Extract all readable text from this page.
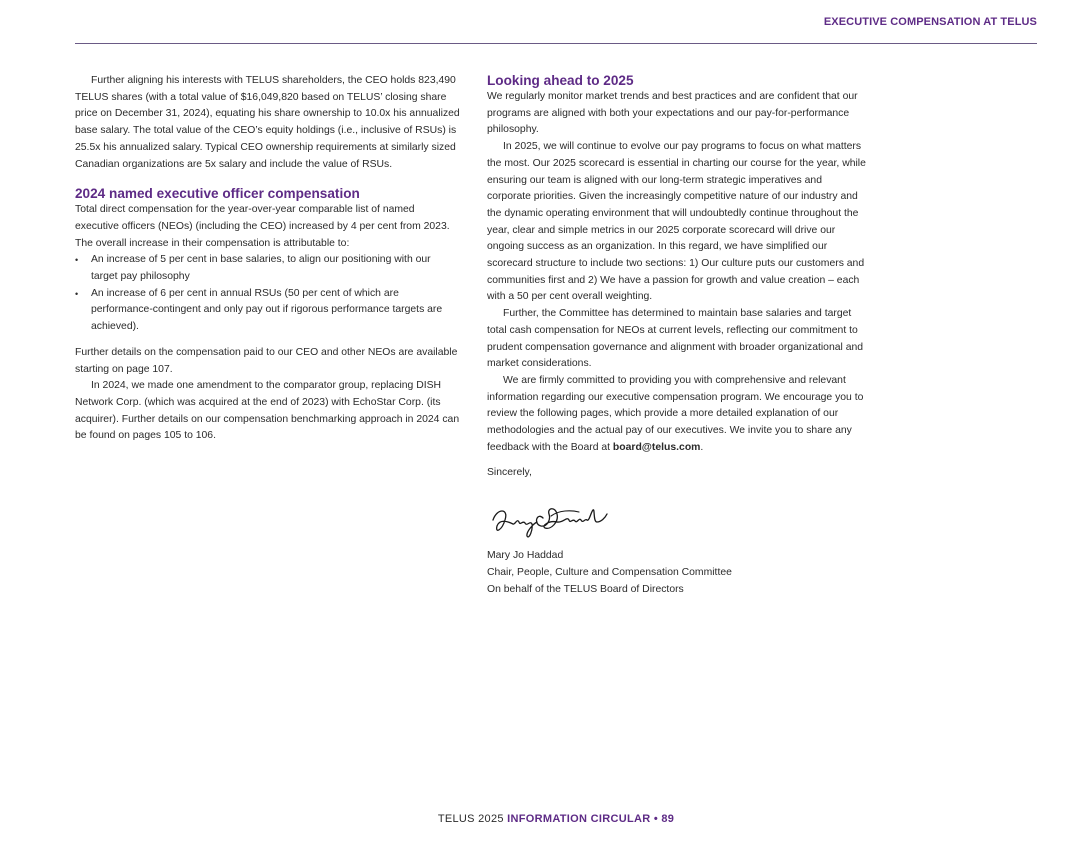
EXECUTIVE COMPENSATION AT TELUS

Further aligning his interests with TELUS shareholders, the CEO holds 823,490 TELUS shares (with a total value of $16,049,820 based on TELUS’ closing share price on December 31, 2024), equating his share ownership to 10.0x his annualized base salary. The total value of the CEO’s equity holdings (i.e., inclusive of RSUs) is 25.5x his annualized salary. Typical CEO ownership requirements at similarly sized Canadian organizations are 5x salary and include the value of RSUs.

2024 named executive officer compensation

Total direct compensation for the year-over-year comparable list of named executive officers (NEOs) (including the CEO) increased by 4 per cent from 2023. The overall increase in their compensation is attributable to:

• An increase of 5 per cent in base salaries, to align our positioning with our target pay philosophy
• An increase of 6 per cent in annual RSUs (50 per cent of which are performance-contingent and only pay out if rigorous performance targets are achieved).

Further details on the compensation paid to our CEO and other NEOs are available starting on page 107.

In 2024, we made one amendment to the comparator group, replacing DISH Network Corp. (which was acquired at the end of 2023) with EchoStar Corp. (its acquirer). Further details on our compensation benchmarking approach in 2024 can be found on pages 105 to 106.

Looking ahead to 2025

We regularly monitor market trends and best practices and are confident that our programs are aligned with both your expectations and our pay-for-performance philosophy.

In 2025, we will continue to evolve our pay programs to focus on what matters the most. Our 2025 scorecard is essential in charting our course for the year, while ensuring our team is aligned with our long-term strategic imperatives and corporate priorities. Given the increasingly competitive nature of our industry and the dynamic operating environment that will undoubtedly continue throughout the year, clear and simple metrics in our 2025 corporate scorecard will drive our ongoing success as an organization. In this regard, we have simplified our scorecard structure to include two sections: 1) Our culture puts our customers and communities first and 2) We have a passion for growth and value creation – each with a 50 per cent overall weighting.

Further, the Committee has determined to maintain base salaries and target total cash compensation for NEOs at current levels, reflecting our commitment to prudent compensation governance and alignment with broader organizational and market considerations.

We are firmly committed to providing you with comprehensive and relevant information regarding our executive compensation program. We encourage you to review the following pages, which provide a more detailed explanation of our methodologies and the actual pay of our executives. We invite you to share any feedback with the Board at board@telus.com.

Sincerely,

Mary Jo Haddad

Chair, People, Culture and Compensation Committee

On behalf of the TELUS Board of Directors

TELUS 2025 INFORMATION CIRCULAR • 89
